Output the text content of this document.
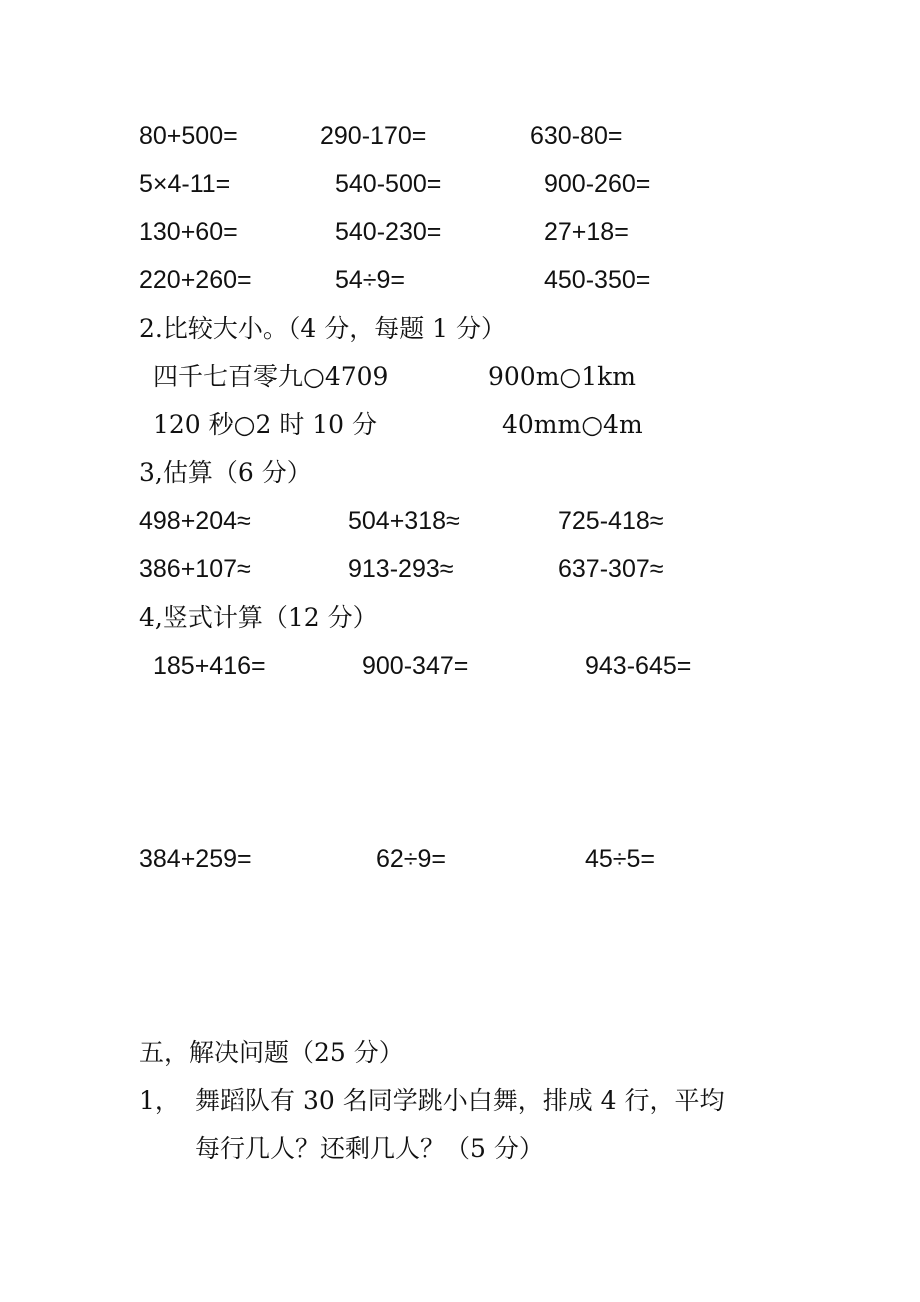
80+500=	290-170=	630-80=
5×4-11=	540-500=	900-260=
130+60=	540-230=	27+18=
220+260=	54÷9=	450-350=
2.比较大小。（4 分，每题 1 分）
四千七百零九○4709	900m○1km
120 秒○2 时 10 分	40mm○4m
3,估算（6 分）
498+204≈	504+318≈	725-418≈
386+107≈	913-293≈	637-307≈
4,竖式计算（12 分）
185+416=	900-347=	943-645=
384+259=	62÷9=	45÷5=
五，解决问题（25 分）
1， 舞蹈队有 30 名同学跳小白舞，排成 4 行，平均
每行几人？还剩几人？（5 分）
